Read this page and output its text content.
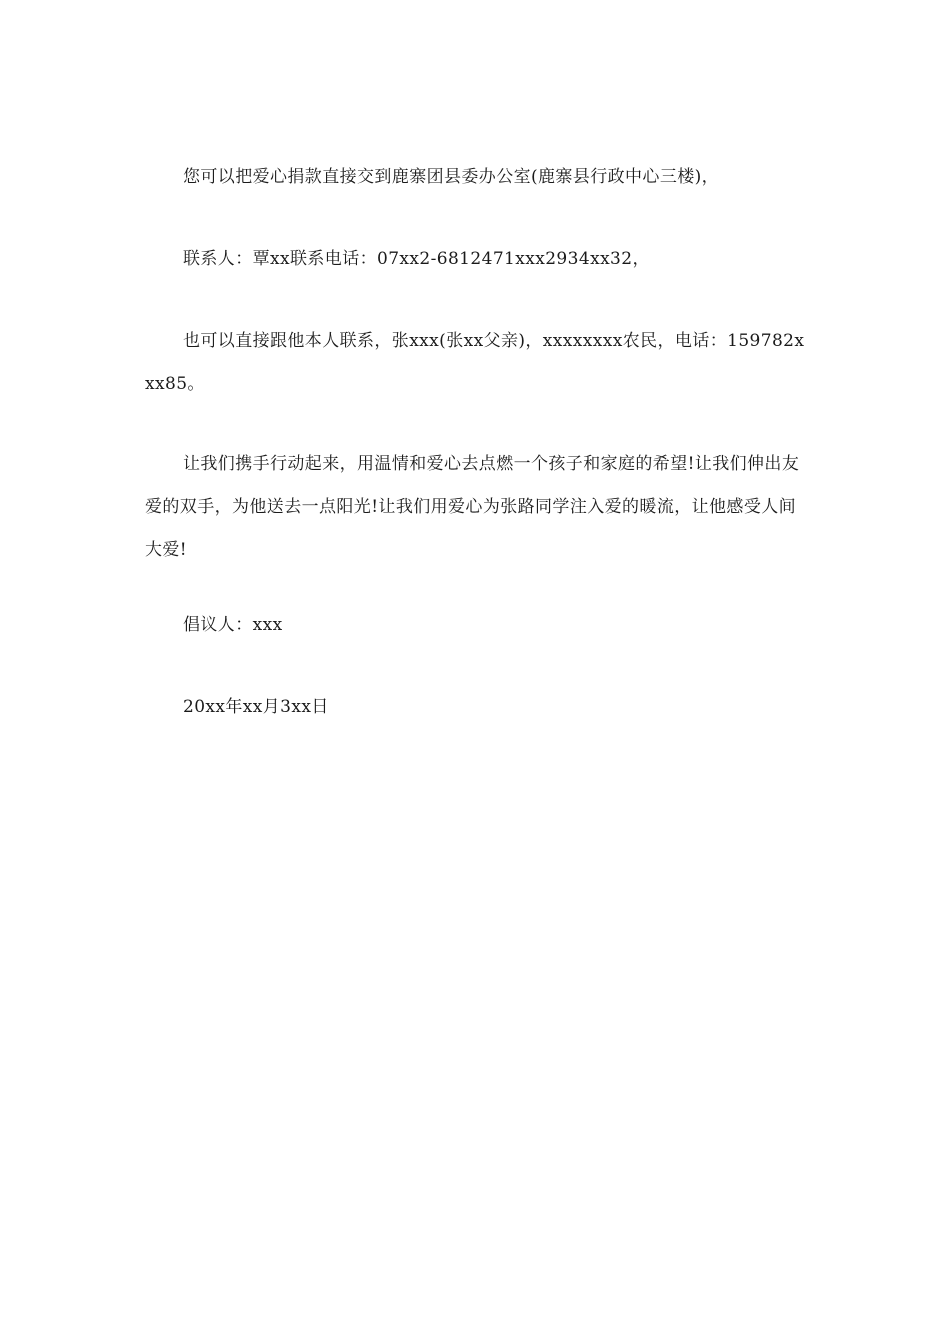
您可以把爱心捐款直接交到鹿寨团县委办公室(鹿寨县行政中心三楼)，

联系人：覃xx联系电话：07xx2-6812471xxx2934xx32，

也可以直接跟他本人联系，张xxx(张xx父亲)，xxxxxxxx农民，电话：159782xxx85。

让我们携手行动起来，用温情和爱心去点燃一个孩子和家庭的希望!让我们伸出友爱的双手，为他送去一点阳光!让我们用爱心为张路同学注入爱的暖流，让他感受人间大爱!

倡议人：xxx

20xx年xx月3xx日
